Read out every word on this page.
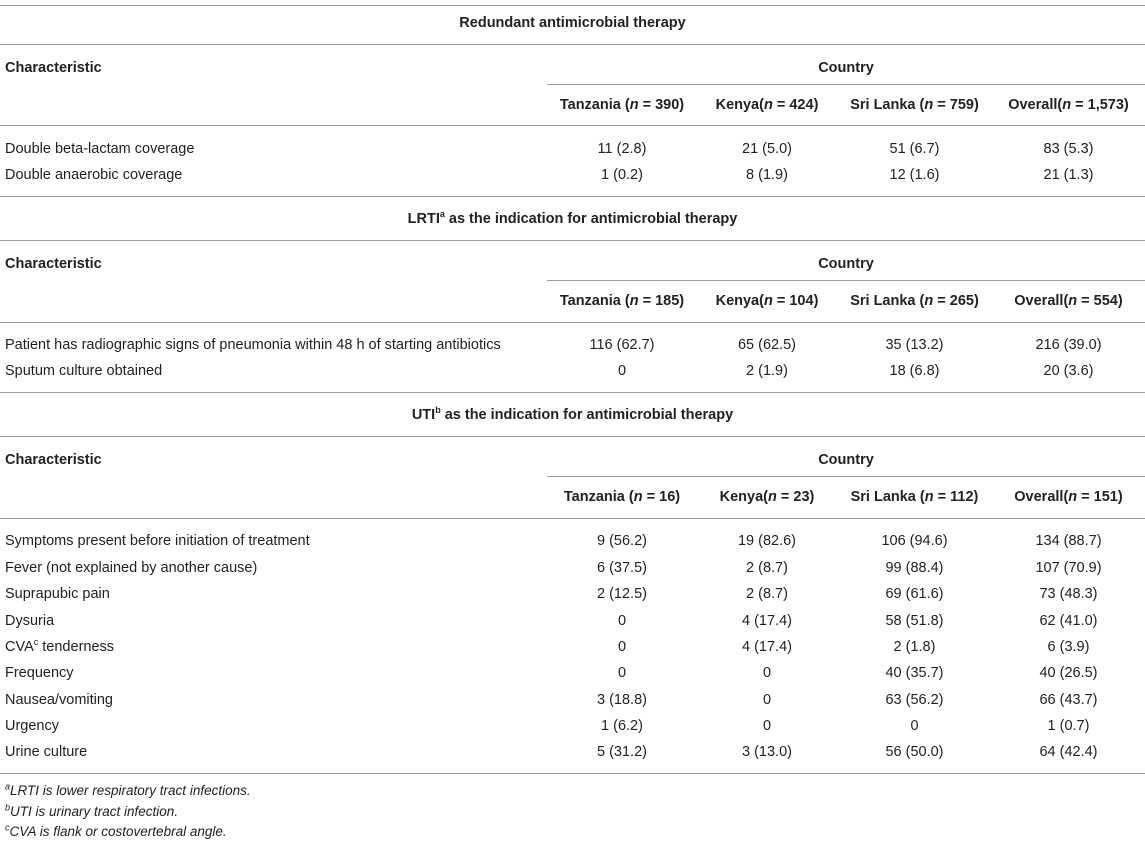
Redundant antimicrobial therapy
Characteristic	Country
Tanzania (n = 390)	Kenya(n = 424)	Sri Lanka (n = 759)	Overall(n = 1,573)
Double beta-lactam coverage	11 (2.8)	21 (5.0)	51 (6.7)	83 (5.3)
Double anaerobic coverage	1 (0.2)	8 (1.9)	12 (1.6)	21 (1.3)
LRTI$^a$ as the indication for antimicrobial therapy
Characteristic	Country
Tanzania (n = 185)	Kenya(n = 104)	Sri Lanka (n = 265)	Overall(n = 554)
Patient has radiographic signs of pneumonia within 48 h of starting antibiotics	116 (62.7)	65 (62.5)	35 (13.2)	216 (39.0)
Sputum culture obtained	0	2 (1.9)	18 (6.8)	20 (3.6)
UTI$^b$ as the indication for antimicrobial therapy
Characteristic	Country
Tanzania (n = 16)	Kenya(n = 23)	Sri Lanka (n = 112)	Overall(n = 151)
Symptoms present before initiation of treatment	9 (56.2)	19 (82.6)	106 (94.6)	134 (88.7)
Fever (not explained by another cause)	6 (37.5)	2 (8.7)	99 (88.4)	107 (70.9)
Suprapubic pain	2 (12.5)	2 (8.7)	69 (61.6)	73 (48.3)
Dysuria	0	4 (17.4)	58 (51.8)	62 (41.0)
CVA$^c$ tenderness	0	4 (17.4)	2 (1.8)	6 (3.9)
Frequency	0	0	40 (35.7)	40 (26.5)
Nausea/vomiting	3 (18.8)	0	63 (56.2)	66 (43.7)
Urgency	1 (6.2)	0	0	1 (0.7)
Urine culture	5 (31.2)	3 (13.0)	56 (50.0)	64 (42.4)
$^a$LRTI is lower respiratory tract infections.
$^b$UTI is urinary tract infection.
$^c$CVA is flank or costovertebral angle.
